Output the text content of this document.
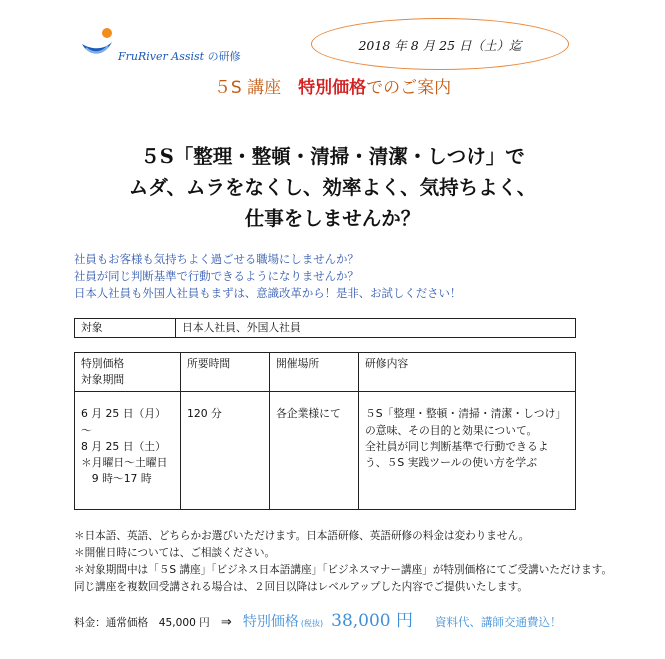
FruRiver Assist の研修
2018 年 8 月 25 日（土）迄
５S 講座　特別価格でのご案内
５S「整理・整頓・清掃・清潔・しつけ」で
ムダ、ムラをなくし、効率よく、気持ちよく、
仕事をしませんか？
社員もお客様も気持ちよく過ごせる職場にしませんか？
社員が同じ判断基準で行動できるようになりませんか？
日本人社員も外国人社員もまずは、意識改革から！是非、お試しください！
対象	日本人社員、外国人社員
特別価格
対象期間	所要時間	開催場所	研修内容
6 月 25 日（月）
～
8 月 25 日（土）
＊月曜日～土曜日
　9 時～17 時	120 分	各企業様にて	５S「整理・整頓・清掃・清潔・しつけ」の意味、その目的と効果について。
全社員が同じ判断基準で行動できるよう、５S 実践ツールの使い方を学ぶ
＊日本語、英語、どちらかお選びいただけます。日本語研修、英語研修の料金は変わりません。
＊開催日時については、ご相談ください。
＊対象期間中は「５S 講座」「ビジネス日本語講座」「ビジネスマナー講座」が特別価格にてご受講いただけます。
同じ講座を複数回受講される場合は、２回目以降はレベルアップした内容でご提供いたします。
料金：通常価格　45,000 円 ⇒ 特別価格 (税抜) 38,000 円 資料代、講師交通費込！
